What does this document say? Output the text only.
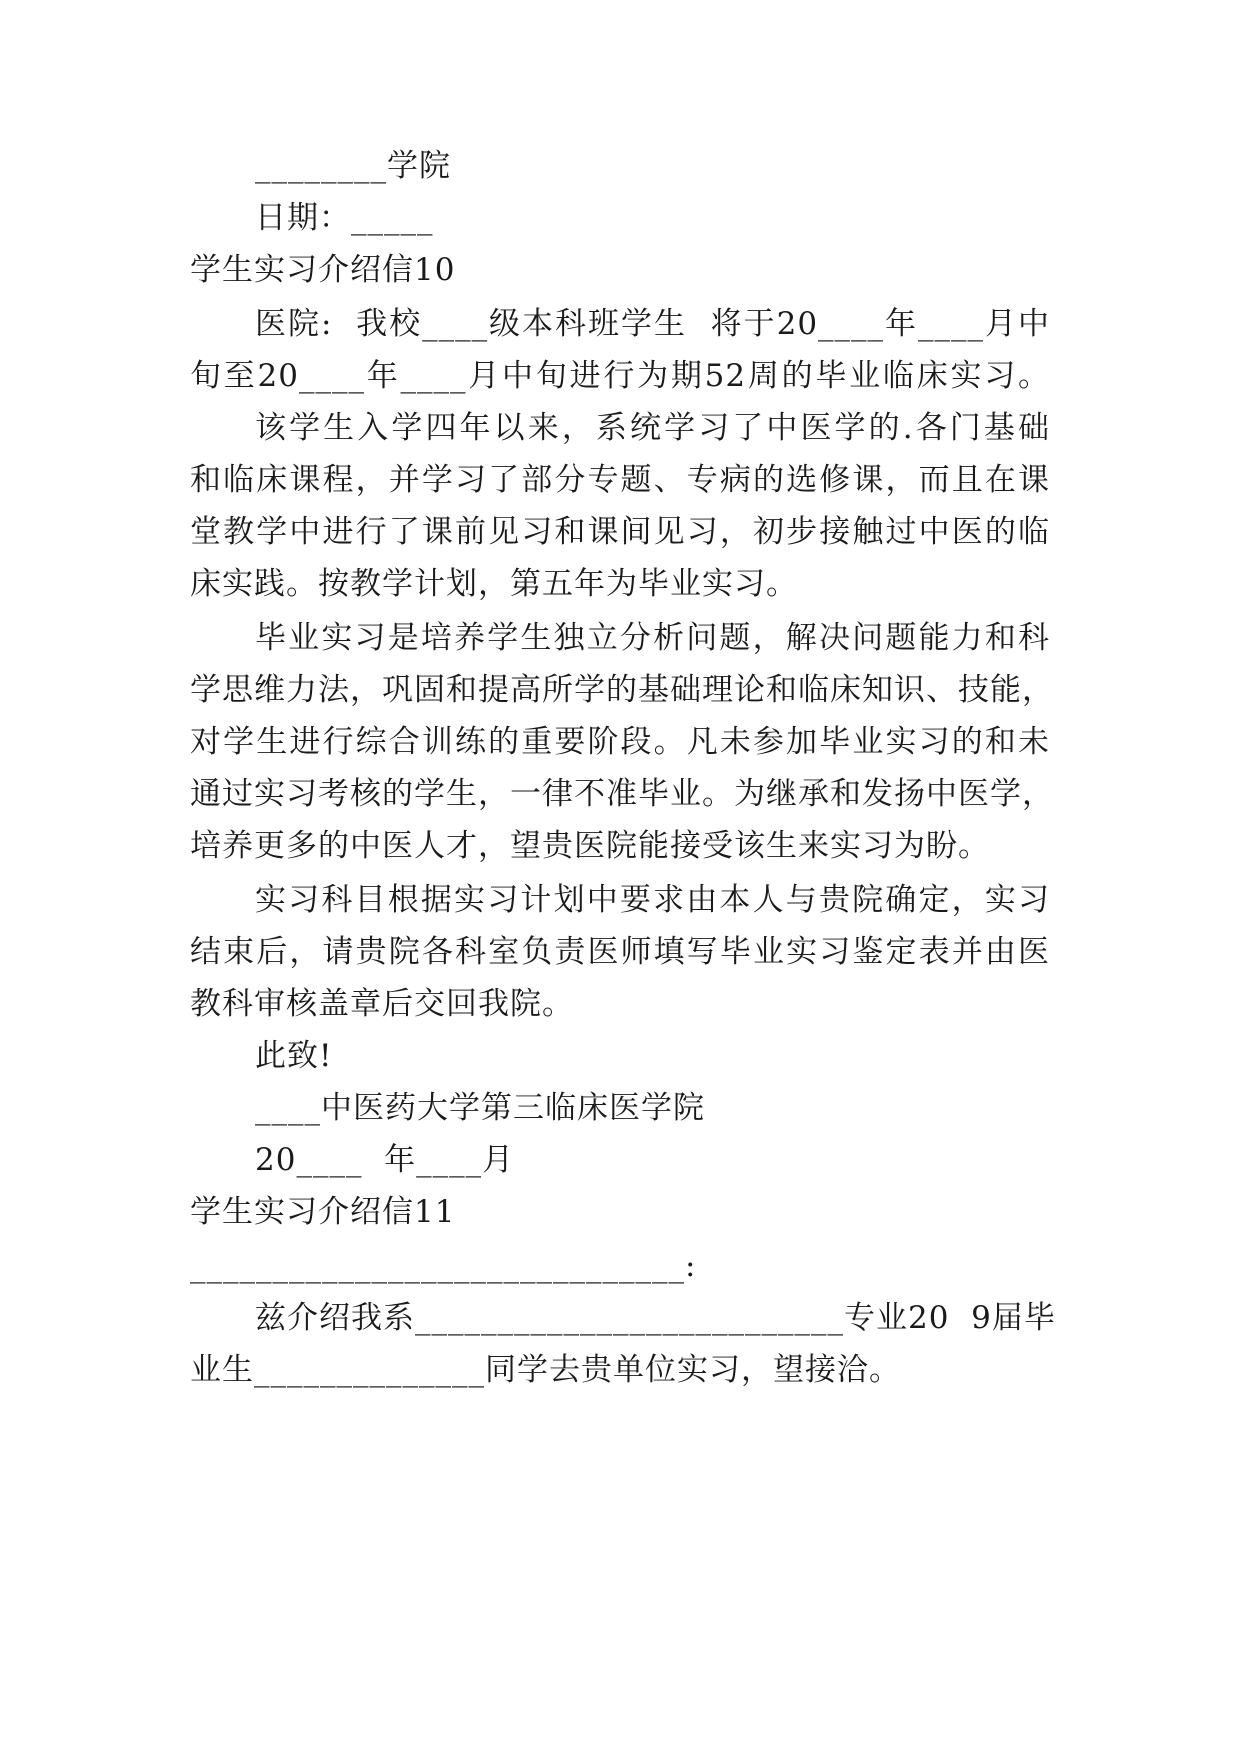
________学院
日期：_____
学生实习介绍信10
医院:  我校____级本科班学生  将于20____年____月中
旬至20____年____月中旬进行为期52周的毕业临床实习。
该学生入学四年以来，系统学习了中医学的.各门基础
和临床课程，并学习了部分专题、专病的选修课，而且在课
堂教学中进行了课前见习和课间见习，初步接触过中医的临
床实践。按教学计划，第五年为毕业实习。
毕业实习是培养学生独立分析问题，解决问题能力和科
学思维力法，巩固和提高所学的基础理论和临床知识、技能，
对学生进行综合训练的重要阶段。凡未参加毕业实习的和未
通过实习考核的学生，一律不准毕业。为继承和发扬中医学，
培养更多的中医人才，望贵医院能接受该生来实习为盼。
实习科目根据实习计划中要求由本人与贵院确定，实习
结束后，请贵院各科室负责医师填写毕业实习鉴定表并由医
教科审核盖章后交回我院。
此致!
____中医药大学第三临床医学院
20____  年____月
学生实习介绍信11
______________________________:
兹介绍我系__________________________专业20  9届毕
业生______________同学去贵单位实习，望接洽。
